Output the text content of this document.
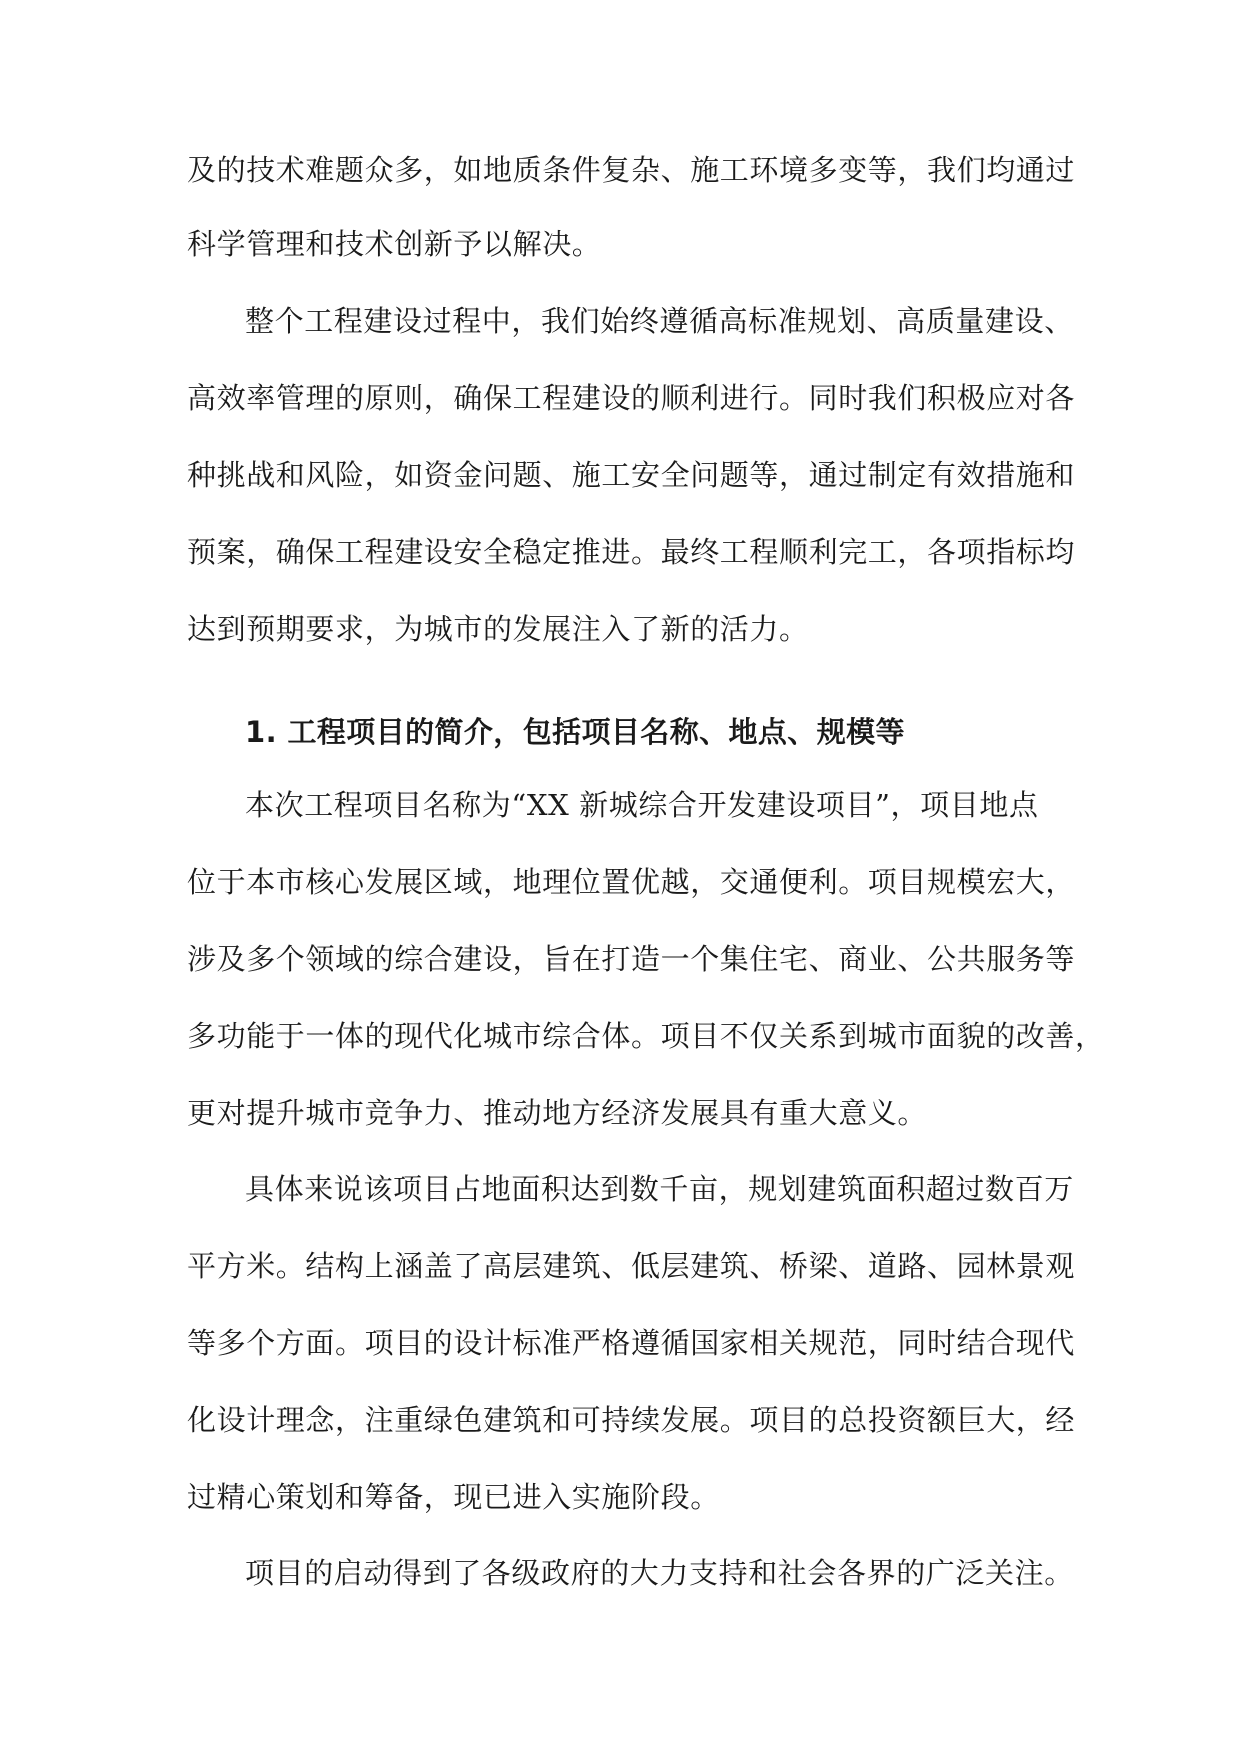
及的技术难题众多，如地质条件复杂、施工环境多变等，我们均通过
科学管理和技术创新予以解决。
整个工程建设过程中，我们始终遵循高标准规划、高质量建设、
高效率管理的原则，确保工程建设的顺利进行。同时我们积极应对各
种挑战和风险，如资金问题、施工安全问题等，通过制定有效措施和
预案，确保工程建设安全稳定推进。最终工程顺利完工，各项指标均
达到预期要求，为城市的发展注入了新的活力。
1. 工程项目的简介，包括项目名称、地点、规模等
本次工程项目名称为“XX 新城综合开发建设项目”，项目地点
位于本市核心发展区域，地理位置优越，交通便利。项目规模宏大，
涉及多个领域的综合建设，旨在打造一个集住宅、商业、公共服务等
多功能于一体的现代化城市综合体。项目不仅关系到城市面貌的改善，
更对提升城市竞争力、推动地方经济发展具有重大意义。
具体来说该项目占地面积达到数千亩，规划建筑面积超过数百万
平方米。结构上涵盖了高层建筑、低层建筑、桥梁、道路、园林景观
等多个方面。项目的设计标准严格遵循国家相关规范，同时结合现代
化设计理念，注重绿色建筑和可持续发展。项目的总投资额巨大，经
过精心策划和筹备，现已进入实施阶段。
项目的启动得到了各级政府的大力支持和社会各界的广泛关注。
